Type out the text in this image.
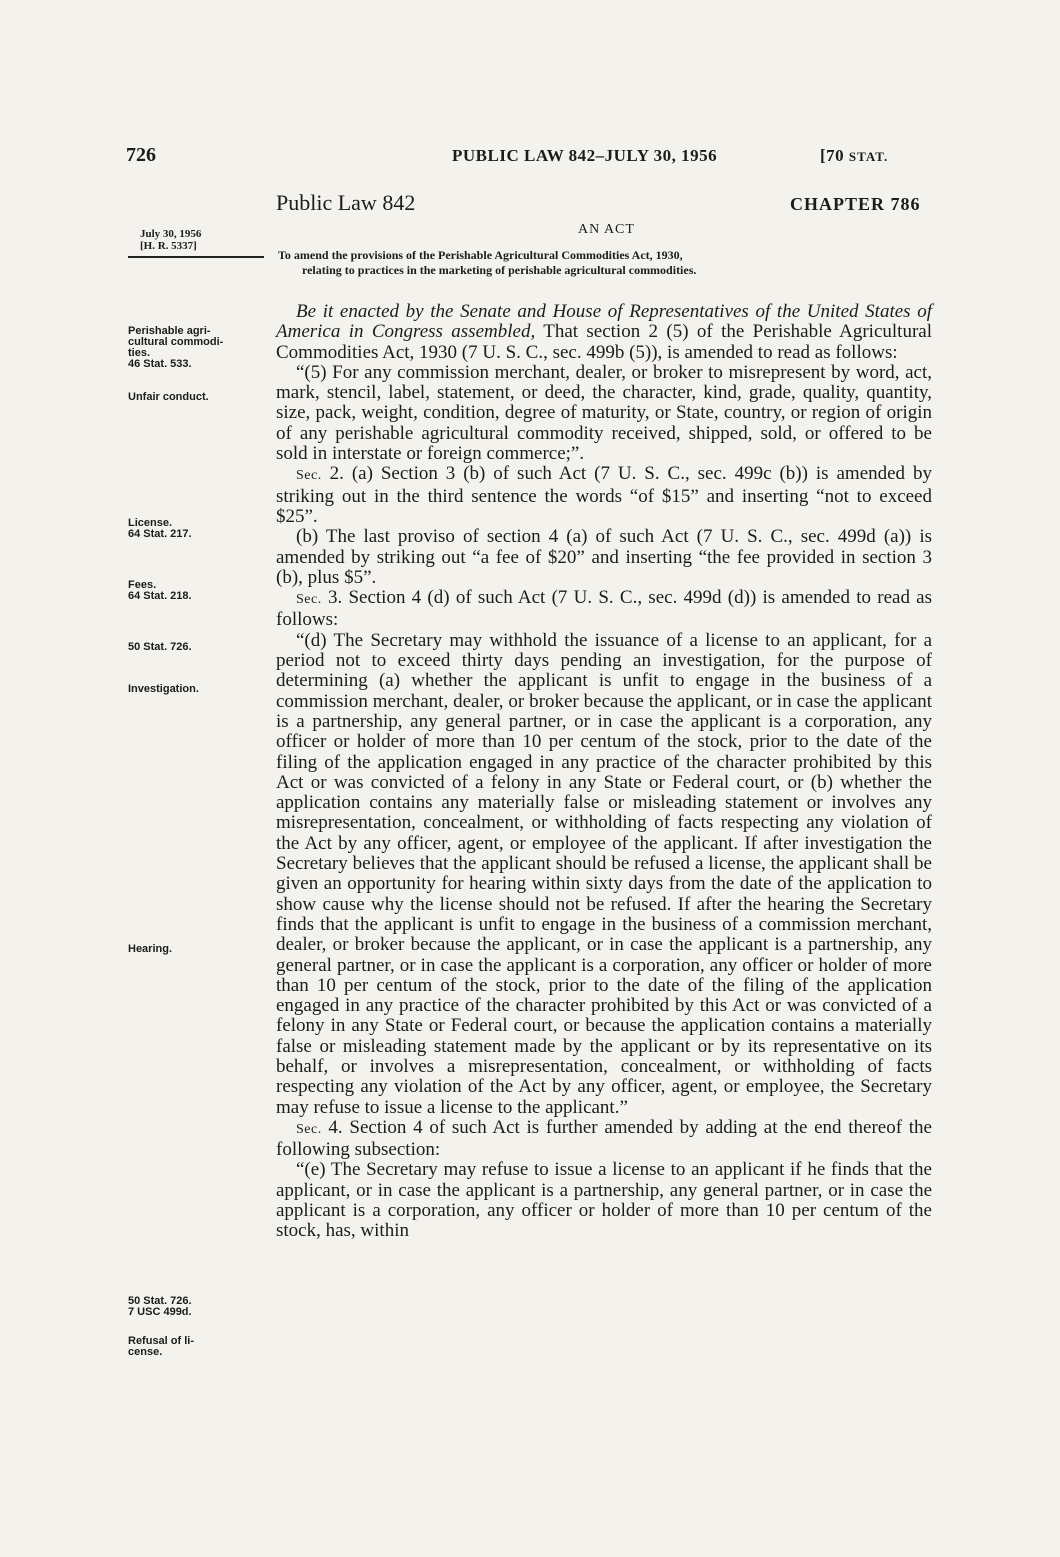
726	PUBLIC LAW 842–JULY 30, 1956	[70 STAT.
Public Law 842	CHAPTER 786
AN ACT
July 30, 1956
[H. R. 5337]
To amend the provisions of the Perishable Agricultural Commodities Act, 1930,
relating to practices in the marketing of perishable agricultural commodities.
Perishable agri-
cultural commodi-
ties.
46 Stat. 533.
Unfair conduct.
License.
64 Stat. 217.
Fees.
64 Stat. 218.
50 Stat. 726.
Investigation.
Hearing.
50 Stat. 726.
7 USC 499d.
Refusal of li-
cense.

Be it enacted by the Senate and House of Representatives of the United States of America in Congress assembled, That section 2 (5) of the Perishable Agricultural Commodities Act, 1930 (7 U. S. C., sec. 499b (5)), is amended to read as follows:

“(5) For any commission merchant, dealer, or broker to misrepresent by word, act, mark, stencil, label, statement, or deed, the character, kind, grade, quality, quantity, size, pack, weight, condition, degree of maturity, or State, country, or region of origin of any perishable agricultural commodity received, shipped, sold, or offered to be sold in interstate or foreign commerce;”.

Sec. 2. (a) Section 3 (b) of such Act (7 U. S. C., sec. 499c (b)) is amended by striking out in the third sentence the words “of $15” and inserting “not to exceed $25”.

(b) The last proviso of section 4 (a) of such Act (7 U. S. C., sec. 499d (a)) is amended by striking out “a fee of $20” and inserting “the fee provided in section 3 (b), plus $5”.

Sec. 3. Section 4 (d) of such Act (7 U. S. C., sec. 499d (d)) is amended to read as follows:

“(d) The Secretary may withhold the issuance of a license to an applicant, for a period not to exceed thirty days pending an investigation, for the purpose of determining (a) whether the applicant is unfit to engage in the business of a commission merchant, dealer, or broker because the applicant, or in case the applicant is a partnership, any general partner, or in case the applicant is a corporation, any officer or holder of more than 10 per centum of the stock, prior to the date of the filing of the application engaged in any practice of the character prohibited by this Act or was convicted of a felony in any State or Federal court, or (b) whether the application contains any materially false or misleading statement or involves any misrepresentation, concealment, or withholding of facts respecting any violation of the Act by any officer, agent, or employee of the applicant. If after investigation the Secretary believes that the applicant should be refused a license, the applicant shall be given an opportunity for hearing within sixty days from the date of the application to show cause why the license should not be refused. If after the hearing the Secretary finds that the applicant is unfit to engage in the business of a commission merchant, dealer, or broker because the applicant, or in case the applicant is a partnership, any general partner, or in case the applicant is a corporation, any officer or holder of more than 10 per centum of the stock, prior to the date of the filing of the application engaged in any practice of the character prohibited by this Act or was convicted of a felony in any State or Federal court, or because the application contains a materially false or misleading statement made by the applicant or by its representative on its behalf, or involves a misrepresentation, concealment, or withholding of facts respecting any violation of the Act by any officer, agent, or employee, the Secretary may refuse to issue a license to the applicant.”

Sec. 4. Section 4 of such Act is further amended by adding at the end thereof the following subsection:

“(e) The Secretary may refuse to issue a license to an applicant if he finds that the applicant, or in case the applicant is a partnership, any general partner, or in case the applicant is a corporation, any officer or holder of more than 10 per centum of the stock, has, within
